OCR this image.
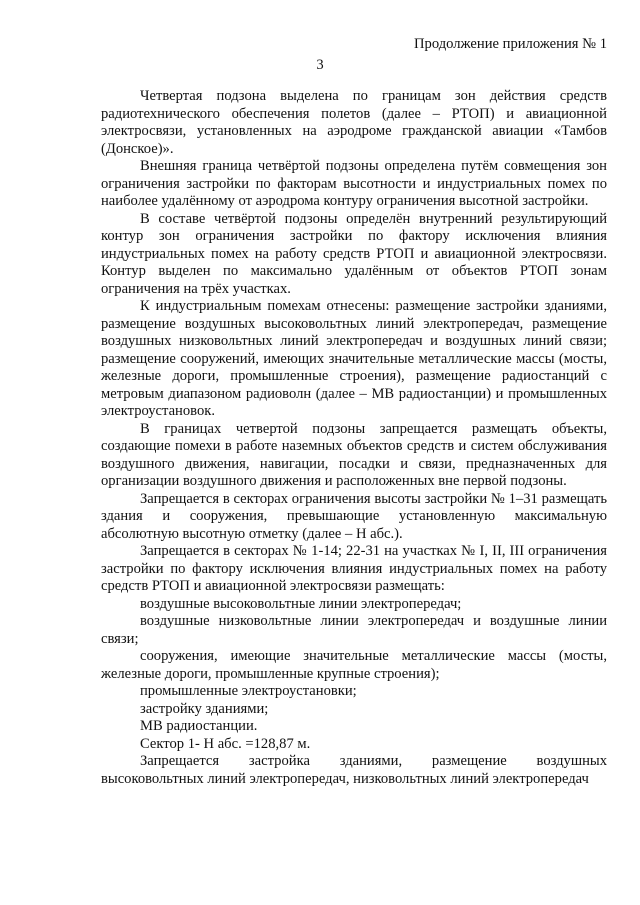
Продолжение приложения № 1
3

Четвертая подзона выделена по границам зон действия средств радиотехнического обеспечения полетов (далее – РТОП) и авиационной электросвязи, установленных на аэродроме гражданской авиации «Тамбов (Донское)».

Внешняя граница четвёртой подзоны определена путём совмещения зон ограничения застройки по факторам высотности и индустриальных помех по наиболее удалённому от аэродрома контуру ограничения высотной застройки.

В составе четвёртой подзоны определён внутренний результирующий контур зон ограничения застройки по фактору исключения влияния индустриальных помех на работу средств РТОП и авиационной электросвязи. Контур выделен по максимально удалённым от объектов РТОП зонам ограничения на трёх участках.

К индустриальным помехам отнесены: размещение застройки зданиями, размещение воздушных высоковольтных линий электропередач, размещение воздушных низковольтных линий электропередач и воздушных линий связи; размещение сооружений, имеющих значительные металлические массы (мосты, железные дороги, промышленные строения), размещение радиостанций с метровым диапазоном радиоволн (далее – МВ радиостанции) и промышленных электроустановок.

В границах четвертой подзоны запрещается размещать объекты, создающие помехи в работе наземных объектов средств и систем обслуживания воздушного движения, навигации, посадки и связи, предназначенных для организации воздушного движения и расположенных вне первой подзоны.

Запрещается в секторах ограничения высоты застройки № 1–31 размещать здания и сооружения, превышающие установленную максимальную абсолютную высотную отметку (далее – Н абс.).

Запрещается в секторах № 1-14; 22-31 на участках № I, II, III ограничения застройки по фактору исключения влияния индустриальных помех на работу средств РТОП и авиационной электросвязи размещать:

воздушные высоковольтные линии электропередач;

воздушные низковольтные линии электропередач и воздушные линии связи;

сооружения, имеющие значительные металлические массы (мосты, железные дороги, промышленные крупные строения);

промышленные электроустановки;

застройку зданиями;

МВ радиостанции.

Сектор 1- Н абс. =128,87 м.

Запрещается застройка зданиями, размещение воздушных высоковольтных линий электропередач, низковольтных линий электропередач
